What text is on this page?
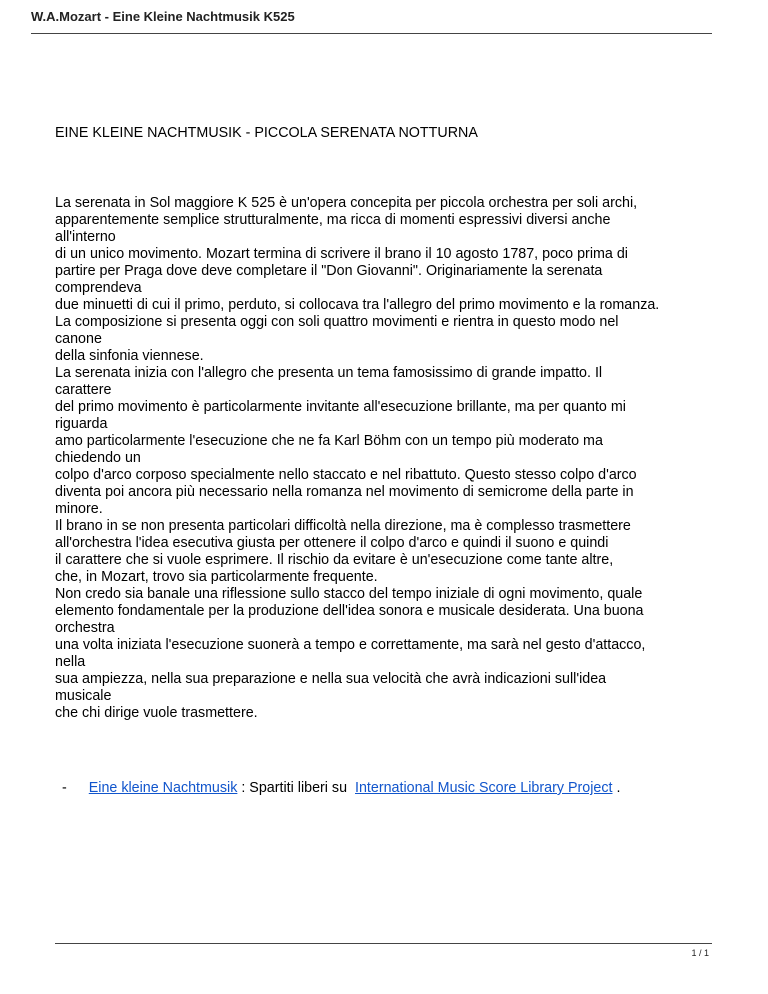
W.A.Mozart - Eine Kleine Nachtmusik K525
EINE KLEINE NACHTMUSIK - PICCOLA SERENATA NOTTURNA
La serenata in Sol maggiore K 525 è un'opera concepita per piccola orchestra per soli archi,
apparentemente semplice strutturalmente, ma ricca di momenti espressivi diversi anche
all'interno
di un unico movimento. Mozart termina di scrivere il brano il 10 agosto 1787, poco prima di
partire per Praga dove deve completare il "Don Giovanni". Originariamente la serenata
comprendeva
due minuetti di cui il primo, perduto, si collocava tra l'allegro del primo movimento e la romanza.
La composizione si presenta oggi con soli quattro movimenti e rientra in questo modo nel
canone
della sinfonia viennese.
La serenata inizia con l'allegro che presenta un tema famosissimo di grande impatto. Il
carattere
del primo movimento è particolarmente invitante all'esecuzione brillante, ma per quanto mi
riguarda
amo particolarmente l'esecuzione che ne fa Karl Böhm con un tempo più moderato ma
chiedendo un
colpo d'arco corposo specialmente nello staccato e nel ribattuto. Questo stesso colpo d'arco
diventa poi ancora più necessario nella romanza nel movimento di semicrome della parte in
minore.
Il brano in se non presenta particolari difficoltà nella direzione, ma è complesso trasmettere
all'orchestra l'idea esecutiva giusta per ottenere il colpo d'arco e quindi il suono e quindi
il carattere che si vuole esprimere. Il rischio da evitare è un'esecuzione come tante altre,
che, in Mozart, trovo sia particolarmente frequente.
Non credo sia banale una riflessione sullo stacco del tempo iniziale di ogni movimento, quale
elemento fondamentale per la produzione dell'idea sonora e musicale desiderata. Una buona
orchestra
una volta iniziata l'esecuzione suonerà a tempo e correttamente, ma sarà nel gesto d'attacco,
nella
sua ampiezza, nella sua preparazione e nella sua velocità che avrà indicazioni sull'idea
musicale
che chi dirige vuole trasmettere.
- Eine kleine Nachtmusik : Spartiti liberi su International Music Score Library Project .
1 / 1
